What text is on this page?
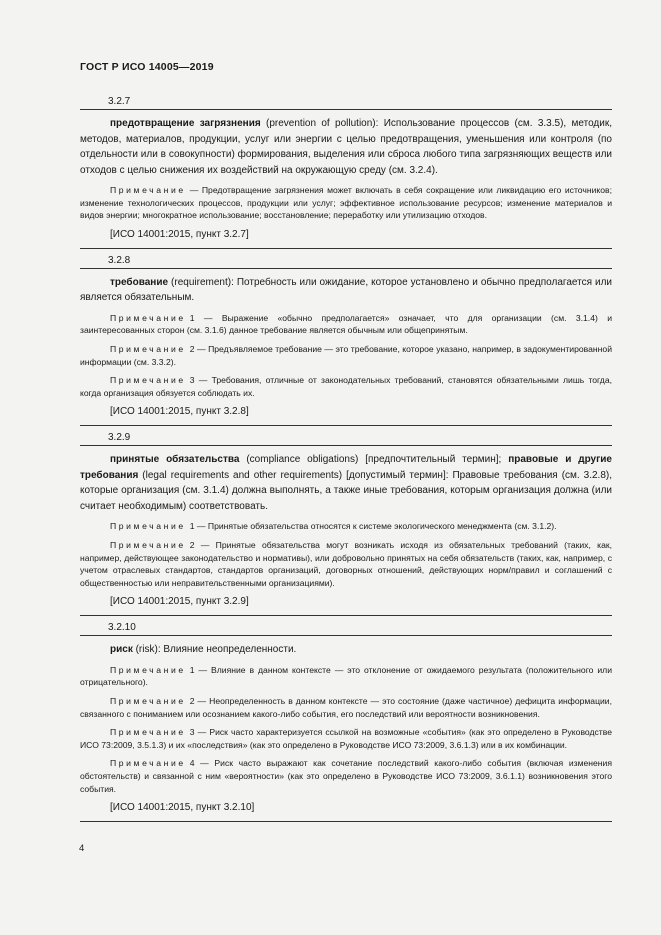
ГОСТ Р ИСО 14005—2019
3.2.7

предотвращение загрязнения (prevention of pollution): Использование процессов (см. 3.3.5), методик, методов, материалов, продукции, услуг или энергии с целью предотвращения, уменьшения или контроля (по отдельности или в совокупности) формирования, выделения или сброса любого типа загрязняющих веществ или отходов с целью снижения их воздействий на окружающую среду (см. 3.2.4).

Примечание — Предотвращение загрязнения может включать в себя сокращение или ликвидацию его источников; изменение технологических процессов, продукции или услуг; эффективное использование ресурсов; изменение материалов и видов энергии; многократное использование; восстановление; переработку или утилизацию отходов.

[ИСО 14001:2015, пункт 3.2.7]

3.2.8

требование (requirement): Потребность или ожидание, которое установлено и обычно предполагается или является обязательным.

Примечание 1 — Выражение «обычно предполагается» означает, что для организации (см. 3.1.4) и заинтересованных сторон (см. 3.1.6) данное требование является обычным или общепринятым.

Примечание 2 — Предъявляемое требование — это требование, которое указано, например, в задокументированной информации (см. 3.3.2).

Примечание 3 — Требования, отличные от законодательных требований, становятся обязательными лишь тогда, когда организация обязуется соблюдать их.

[ИСО 14001:2015, пункт 3.2.8]

3.2.9

принятые обязательства (compliance obligations) [предпочтительный термин]; правовые и другие требования (legal requirements and other requirements) [допустимый термин]: Правовые требования (см. 3.2.8), которые организация (см. 3.1.4) должна выполнять, а также иные требования, которым организация должна (или считает необходимым) соответствовать.

Примечание 1 — Принятые обязательства относятся к системе экологического менеджмента (см. 3.1.2).

Примечание 2 — Принятые обязательства могут возникать исходя из обязательных требований (таких, как, например, действующее законодательство и нормативы), или добровольно принятых на себя обязательств (таких, как, например, с учетом отраслевых стандартов, стандартов организаций, договорных отношений, действующих норм/правил и соглашений с общественностью или неправительственными организациями).

[ИСО 14001:2015, пункт 3.2.9]

3.2.10

риск (risk): Влияние неопределенности.

Примечание 1 — Влияние в данном контексте — это отклонение от ожидаемого результата (положительного или отрицательного).

Примечание 2 — Неопределенность в данном контексте — это состояние (даже частичное) дефицита информации, связанного с пониманием или осознанием какого-либо события, его последствий или вероятности возникновения.

Примечание 3 — Риск часто характеризуется ссылкой на возможные «события» (как это определено в Руководстве ИСО 73:2009, 3.5.1.3) и их «последствия» (как это определено в Руководстве ИСО 73:2009, 3.6.1.3) или в их комбинации.

Примечание 4 — Риск часто выражают как сочетание последствий какого-либо события (включая изменения обстоятельств) и связанной с ним «вероятности» (как это определено в Руководстве ИСО 73:2009, 3.6.1.1) возникновения этого события.

[ИСО 14001:2015, пункт 3.2.10]

4
